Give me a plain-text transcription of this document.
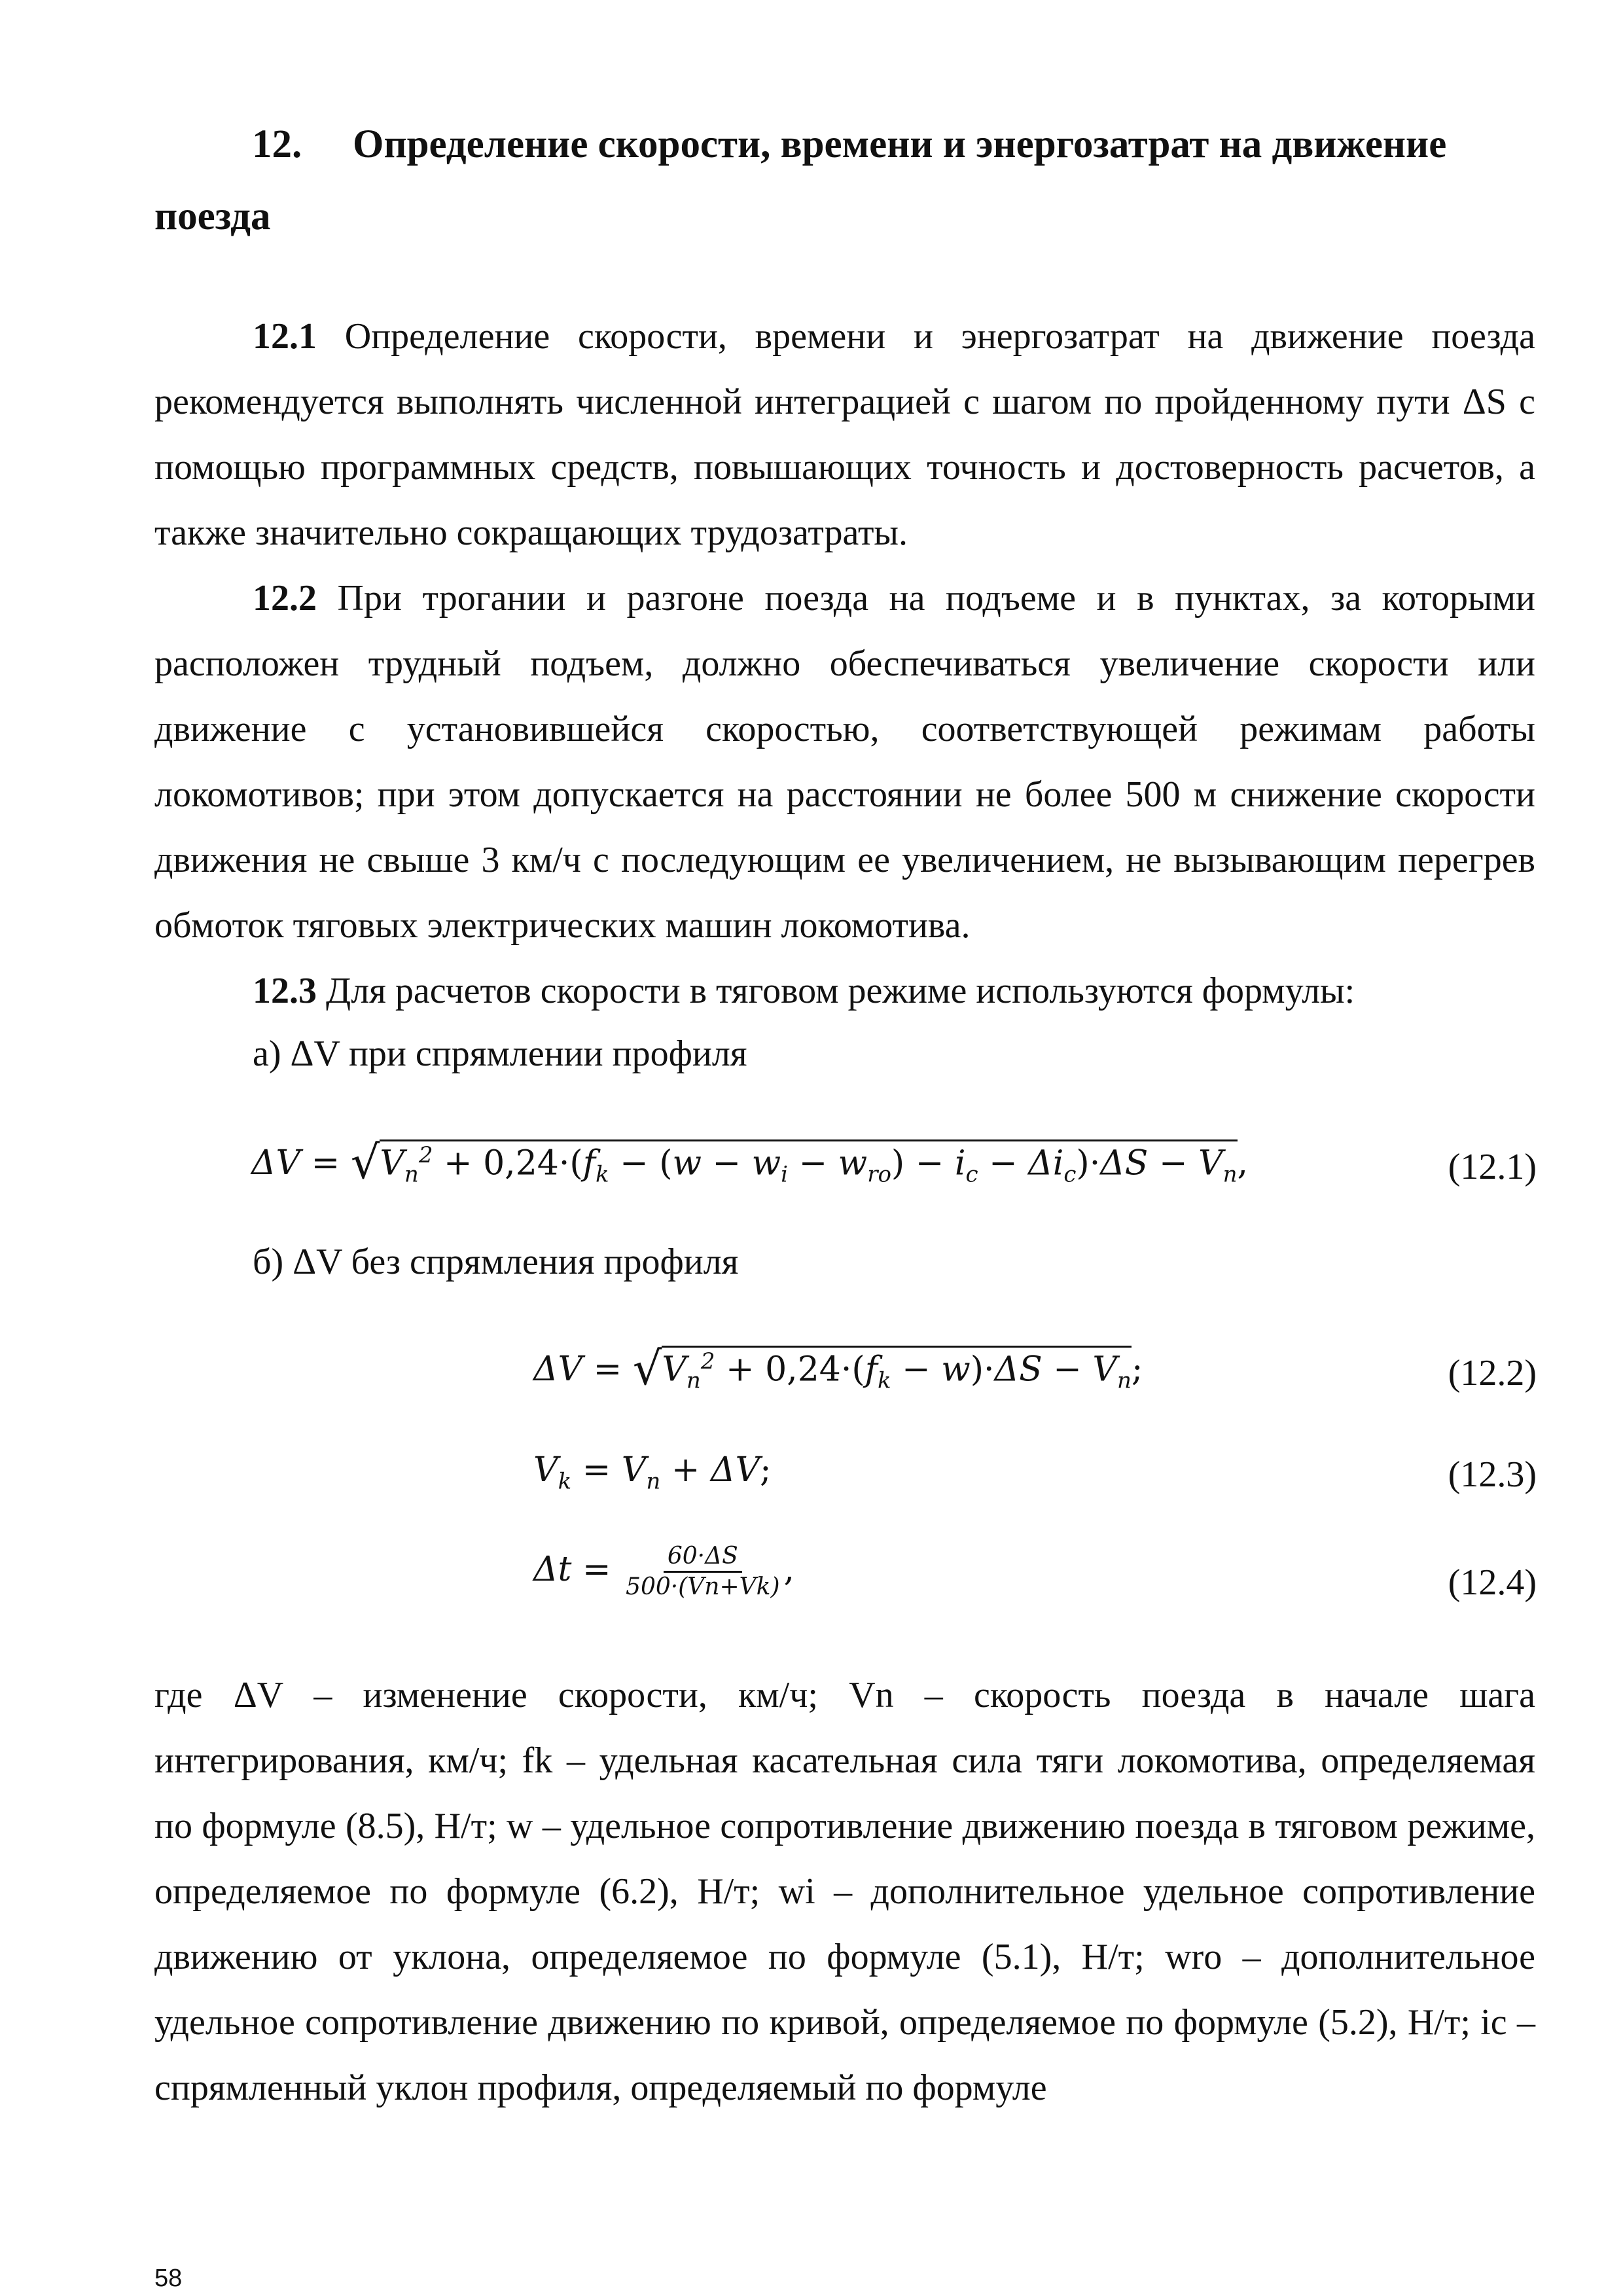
12. Определение скорости, времени и энергозатрат на движение
поезда
12.1 Определение скорости, времени и энергозатрат на движение поезда рекомендуется выполнять численной интеграцией с шагом по пройденному пути ΔS с помощью программных средств, повышающих точность и достоверность расчетов, а также значительно сокращающих трудозатраты.
12.2 При трогании и разгоне поезда на подъеме и в пунктах, за которыми расположен трудный подъем, должно обеспечиваться увеличение скорости или движение с установившейся скоростью, соответствующей режимам работы локомотивов; при этом допускается на расстоянии не более 500 м снижение скорости движения не свыше 3 км/ч с последующим ее увеличением, не вызывающим перегрев обмоток тяговых электрических машин локомотива.
12.3 Для расчетов скорости в тяговом режиме используются формулы:
а) ΔV при спрямлении профиля
$\Delta V = √V_n^2 + 0,24\cdot(f_k - (w - w_i - w_{ro}) - i_c - \Delta i_c)\cdot\Delta S - V_n$,	(12.1)
б) ΔV без спрямления профиля
$\Delta V = √V_n^2 + 0,24\cdot(f_k - w)\cdot\Delta S - V_n$;	(12.2)
$V_k = V_n + \Delta V$;	(12.3)
$\Delta t = \frac{60\cdot\Delta S}{500\cdot(Vn+Vk)}$ ,	(12.4)
где ΔV – изменение скорости, км/ч; Vn – скорость поезда в начале шага интегрирования, км/ч; fk – удельная касательная сила тяги локомотива, определяемая по формуле (8.5), Н/т; w – удельное сопротивление движению поезда в тяговом режиме, определяемое по формуле (6.2), Н/т; wi – дополнительное удельное сопротивление движению от уклона, определяемое по формуле (5.1), Н/т; wro – дополнительное удельное сопротивление движению по кривой, определяемое по формуле (5.2), Н/т; ic – спрямленный уклон профиля, определяемый по формуле
58
